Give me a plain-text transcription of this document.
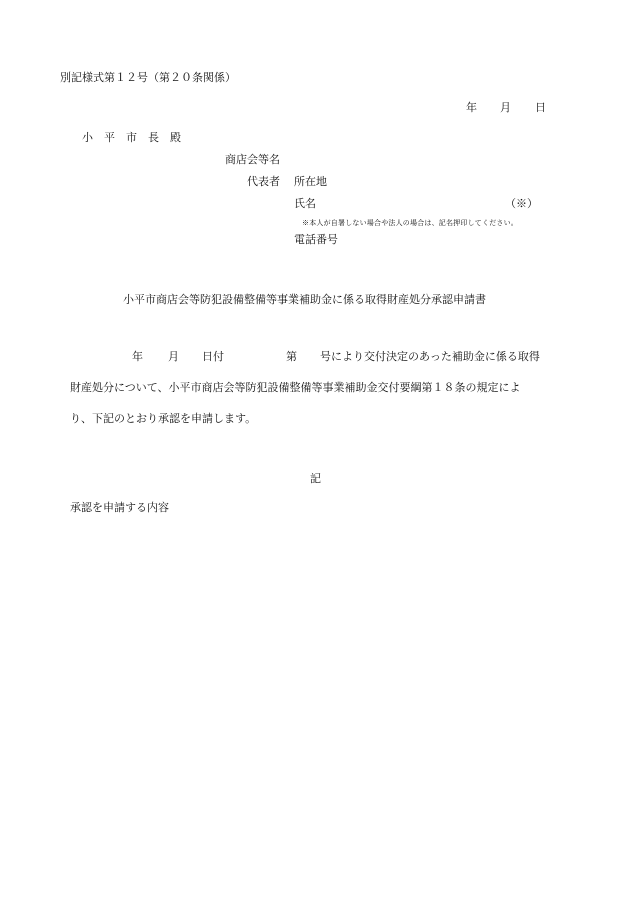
別記様式第１２号（第２０条関係）
年 月 日
小　平　市　長　殿
商店会等名
代表者 所在地
氏名	（※）
※本人が自署しない場合や法人の場合は、記名押印してください。
電話番号
小平市商店会等防犯設備整備等事業補助金に係る取得財産処分承認申請書
年 月 日付	第 号により交付決定のあった補助金に係る取得
財産処分について、小平市商店会等防犯設備整備等事業補助金交付要綱第１８条の規定によ
り、下記のとおり承認を申請します。
記
承認を申請する内容
